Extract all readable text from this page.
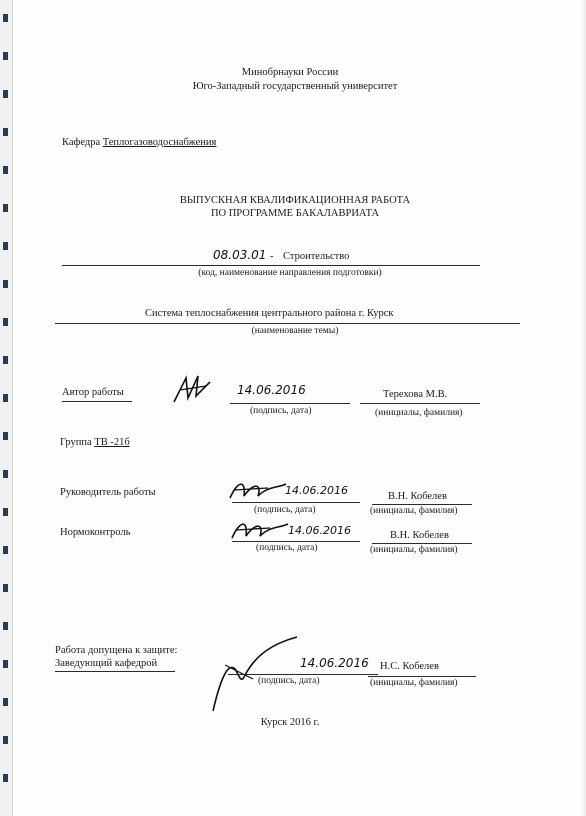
Минобрнауки России
Юго-Западный государственный университет
Кафедра Теплогазоводоснабжения
ВЫПУСКНАЯ КВАЛИФИКАЦИОННАЯ РАБОТА
ПО ПРОГРАММЕ БАКАЛАВРИАТА
08.03.01 - Строительство
(код, наименование направления подготовки)
Система теплоснабжения центрального района г. Курск
(наименование темы)
Автор работы	14.06.2016	Терехова М.В.
(подпись, дата)	(инициалы, фамилия)
Группа ТВ -21б
Руководитель работы	14.06.2016	В.Н. Кобелев
(подпись, дата)	(инициалы, фамилия)
Нормоконтроль	14.06.2016	В.Н. Кобелев
(подпись, дата)	(инициалы, фамилия)
Работа допущена к защите:
Заведующий кафедрой	14.06.2016 Н.С. Кобелев
(подпись, дата)	(инициалы, фамилия)
Курск 2016 г.
